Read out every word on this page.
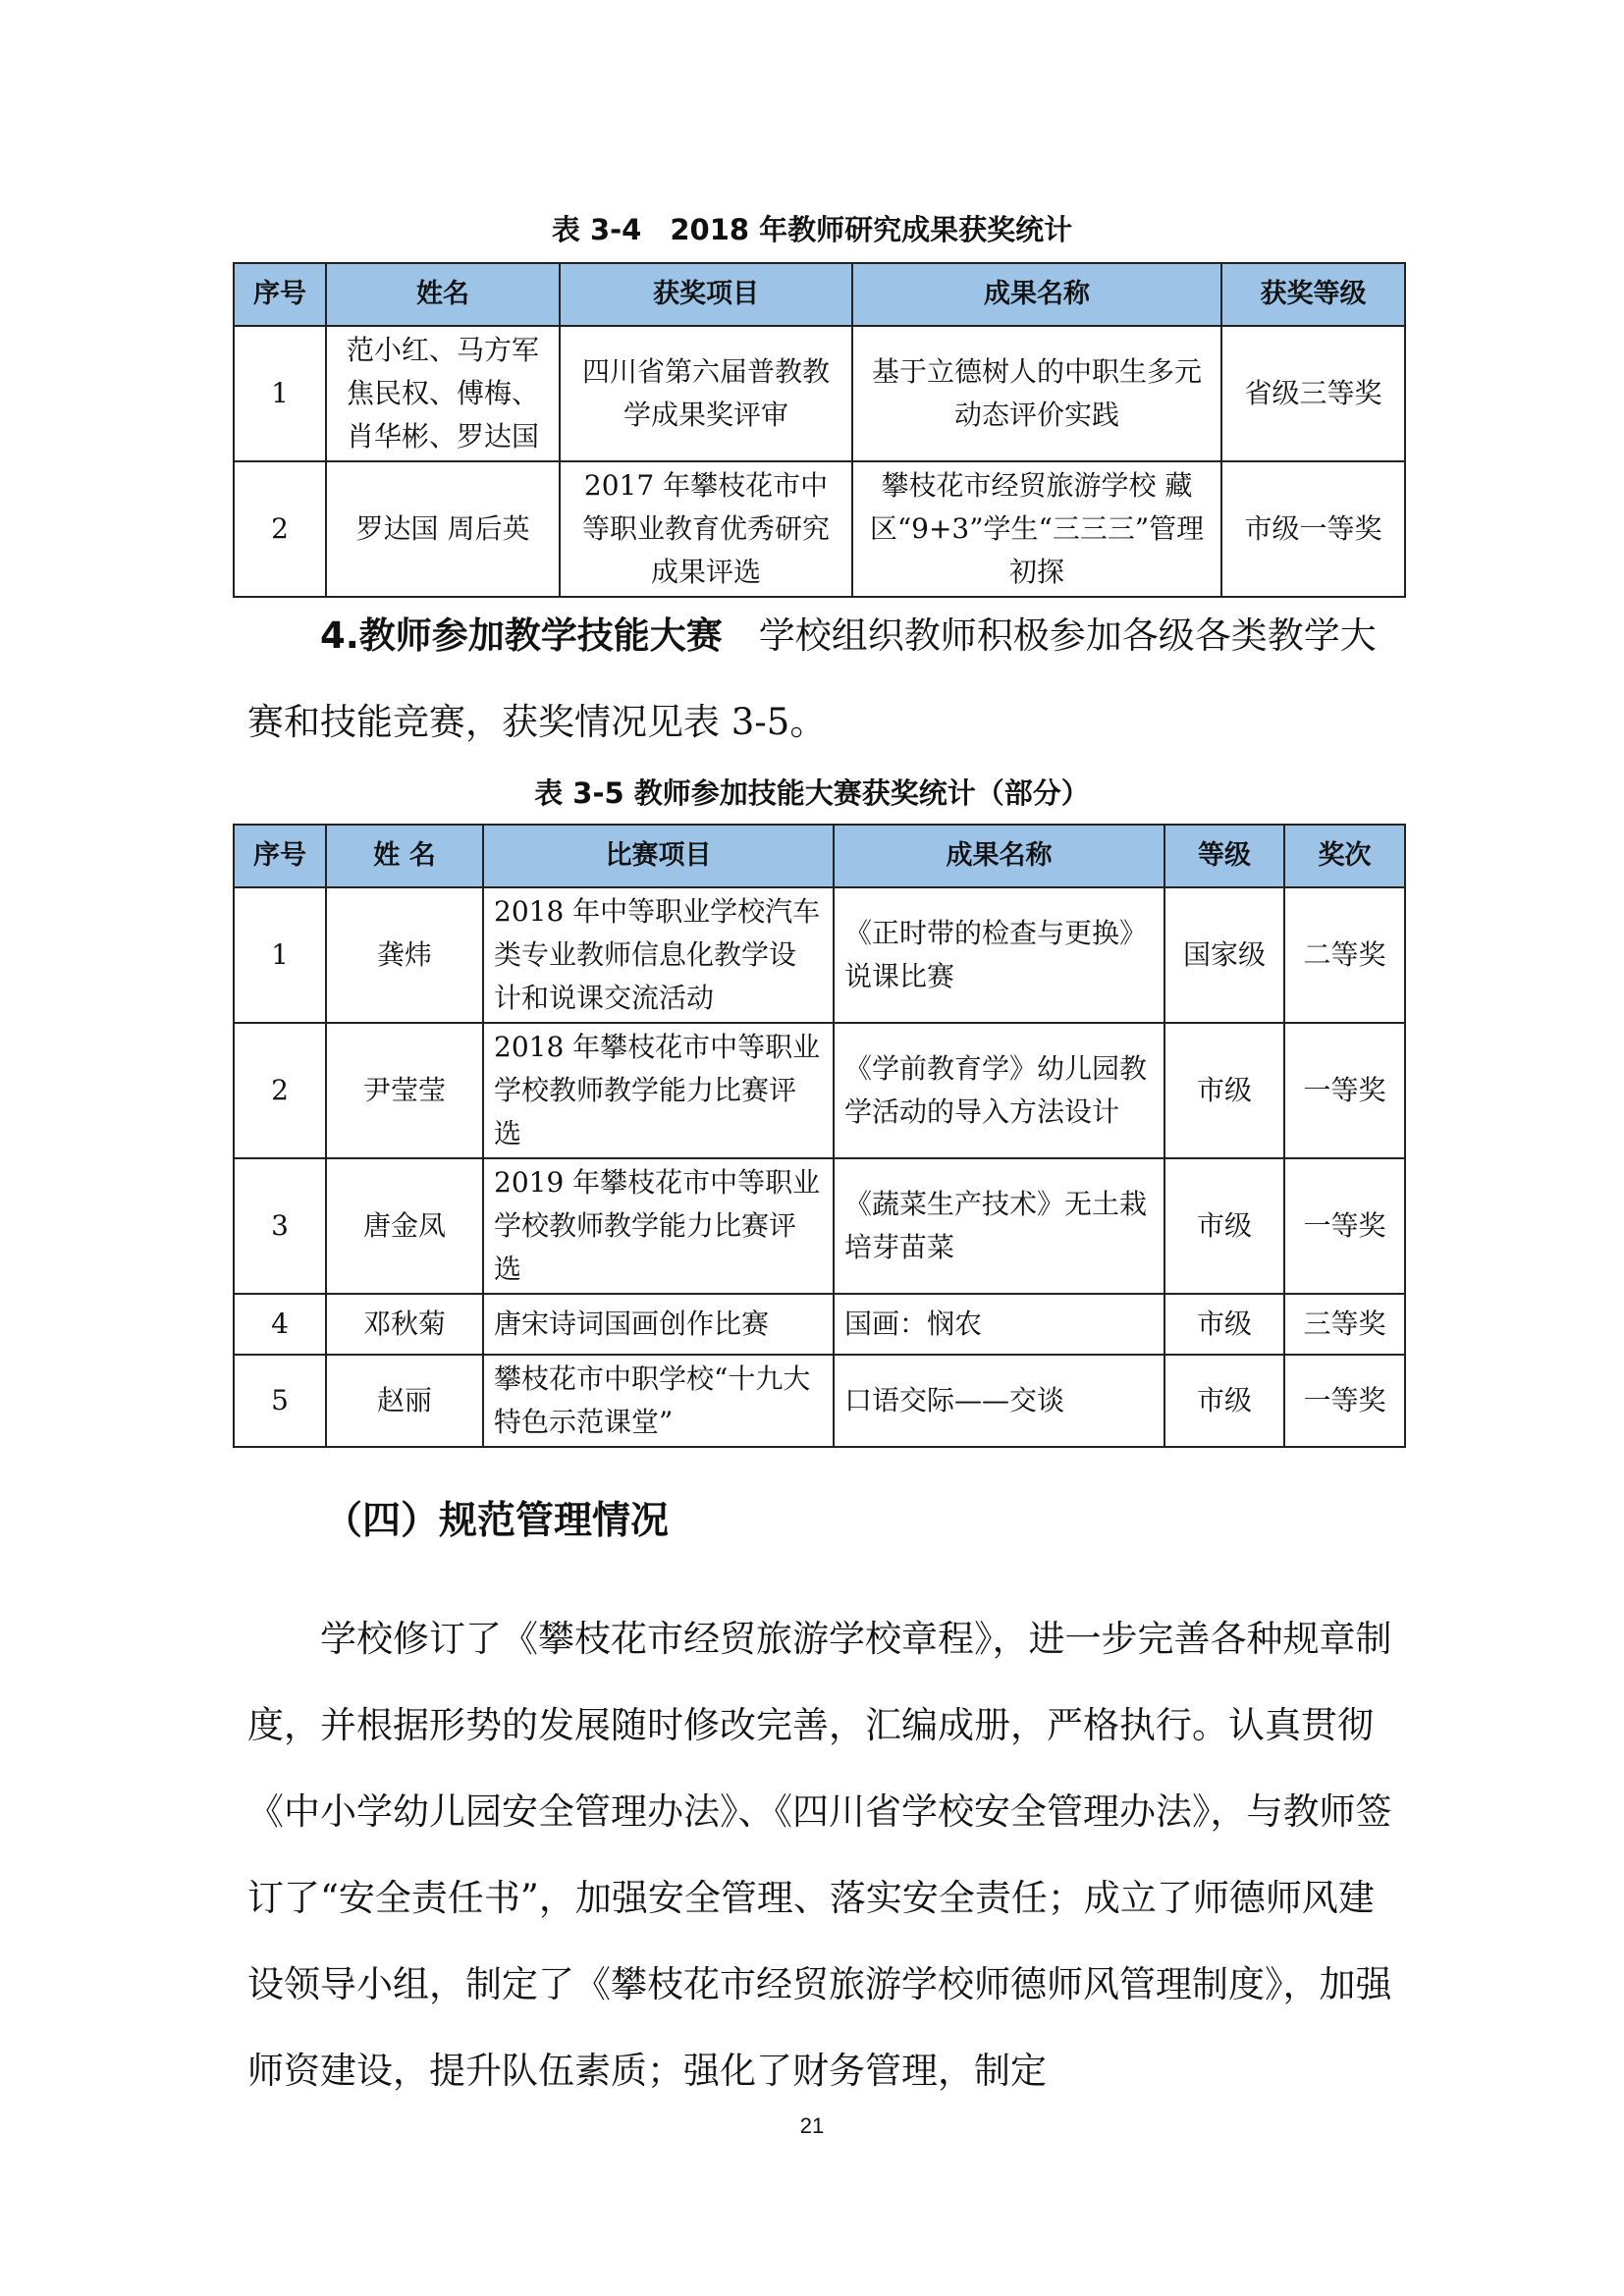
表 3-4　2018 年教师研究成果获奖统计
序号	姓名	获奖项目	成果名称	获奖等级
1	范小红、马方军焦民权、傅梅、肖华彬、罗达国	四川省第六届普教教学成果奖评审	基于立德树人的中职生多元动态评价实践	省级三等奖
2	罗达国 周后英	2017 年攀枝花市中等职业教育优秀研究成果评选	攀枝花市经贸旅游学校 藏区“9+3”学生“三三三”管理初探	市级一等奖

4.教师参加教学技能大赛　学校组织教师积极参加各级各类教学大赛和技能竞赛，获奖情况见表 3-5。

表 3-5 教师参加技能大赛获奖统计（部分）
序号	姓 名	比赛项目	成果名称	等级	奖次
1	龚炜	2018 年中等职业学校汽车类专业教师信息化教学设计和说课交流活动	《正时带的检查与更换》说课比赛	国家级	二等奖
2	尹莹莹	2018 年攀枝花市中等职业学校教师教学能力比赛评选	《学前教育学》幼儿园教学活动的导入方法设计	市级	一等奖
3	唐金凤	2019 年攀枝花市中等职业学校教师教学能力比赛评选	《蔬菜生产技术》无土栽培芽苗菜	市级	一等奖
4	邓秋菊	唐宋诗词国画创作比赛	国画：悯农	市级	三等奖
5	赵丽	攀枝花市中职学校“十九大特色示范课堂”	口语交际——交谈	市级	一等奖
（四）规范管理情况

学校修订了《攀枝花市经贸旅游学校章程》，进一步完善各种规章制度，并根据形势的发展随时修改完善，汇编成册，严格执行。认真贯彻《中小学幼儿园安全管理办法》、《四川省学校安全管理办法》，与教师签订了“安全责任书”，加强安全管理、落实安全责任；成立了师德师风建设领导小组，制定了《攀枝花市经贸旅游学校师德师风管理制度》，加强师资建设，提升队伍素质；强化了财务管理，制定

21
